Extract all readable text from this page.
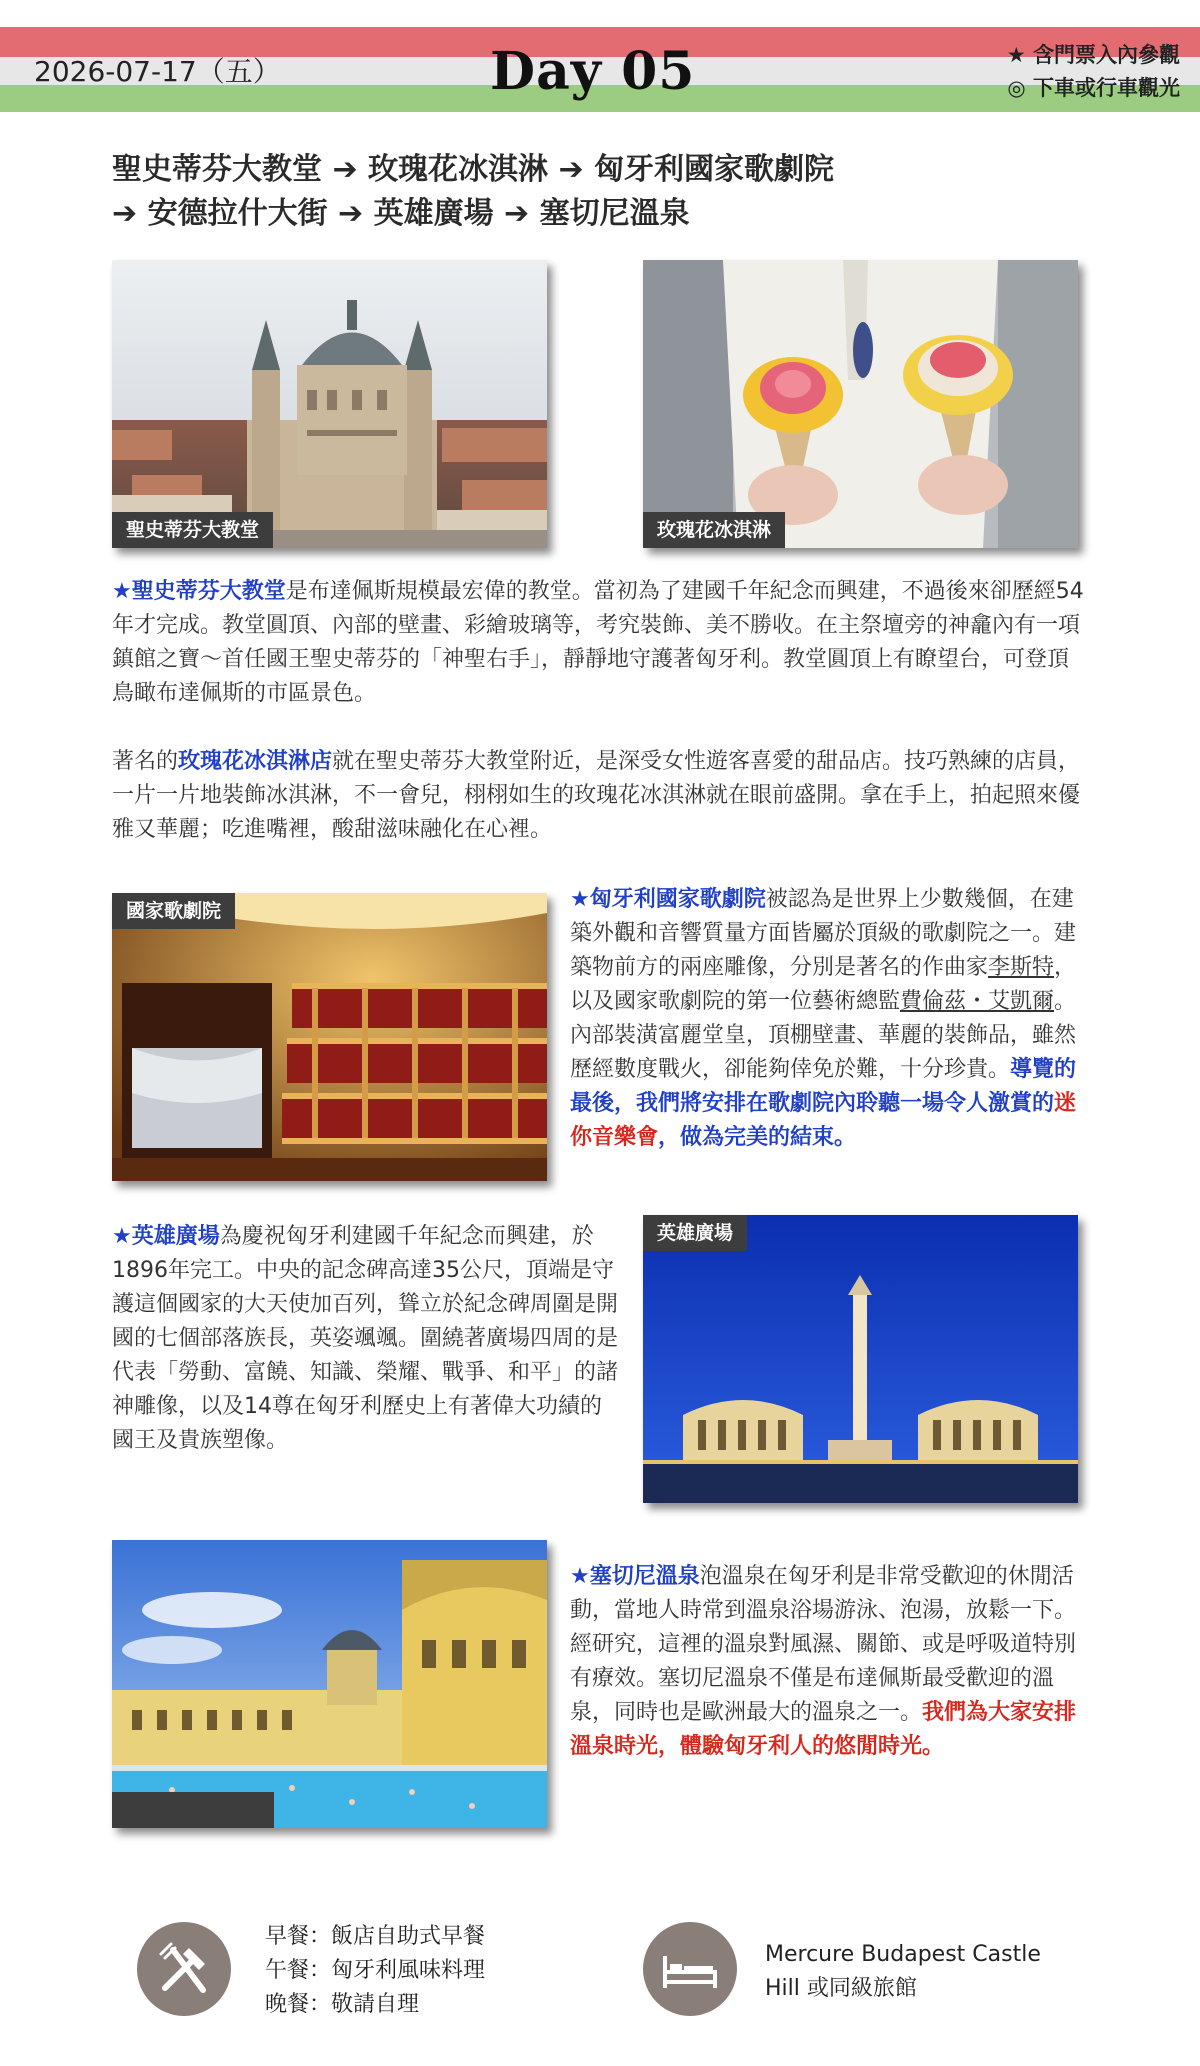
2026-07-17（五）	Day 05	★ 含門票入內參觀
◎ 下車或行車觀光
聖史蒂芬大教堂 ➔ 玫瑰花冰淇淋 ➔ 匈牙利國家歌劇院
➔ 安德拉什大街 ➔ 英雄廣場 ➔ 塞切尼溫泉
聖史蒂芬大教堂	玫瑰花冰淇淋
★聖史蒂芬大教堂是布達佩斯規模最宏偉的教堂。當初為了建國千年紀念而興建，不過後來卻歷經54年才完成。教堂圓頂、內部的壁畫、彩繪玻璃等，考究裝飾、美不勝收。在主祭壇旁的神龕內有一項鎮館之寶～首任國王聖史蒂芬的「神聖右手」，靜靜地守護著匈牙利。教堂圓頂上有瞭望台，可登頂鳥瞰布達佩斯的市區景色。
著名的玫瑰花冰淇淋店就在聖史蒂芬大教堂附近，是深受女性遊客喜愛的甜品店。技巧熟練的店員，一片一片地裝飾冰淇淋，不一會兒，栩栩如生的玫瑰花冰淇淋就在眼前盛開。拿在手上，拍起照來優雅又華麗；吃進嘴裡，酸甜滋味融化在心裡。
國家歌劇院	★匈牙利國家歌劇院被認為是世界上少數幾個，在建築外觀和音響質量方面皆屬於頂級的歌劇院之一。建築物前方的兩座雕像，分別是著名的作曲家李斯特，以及國家歌劇院的第一位藝術總監費倫茲・艾凱爾。內部裝潢富麗堂皇，頂棚壁畫、華麗的裝飾品，雖然歷經數度戰火，卻能夠倖免於難，十分珍貴。導覽的最後，我們將安排在歌劇院內聆聽一場令人激賞的迷你音樂會，做為完美的結束。
★英雄廣場為慶祝匈牙利建國千年紀念而興建，於1896年完工。中央的記念碑高達35公尺，頂端是守護這個國家的大天使加百列，聳立於紀念碑周圍是開國的七個部落族長，英姿颯颯。圍繞著廣場四周的是代表「勞動、富饒、知識、榮耀、戰爭、和平」的諸神雕像，以及14尊在匈牙利歷史上有著偉大功績的國王及貴族塑像。
英雄廣場
★塞切尼溫泉泡溫泉在匈牙利是非常受歡迎的休閒活動，當地人時常到溫泉浴場游泳、泡湯，放鬆一下。經研究，這裡的溫泉對風濕、關節、或是呼吸道特別有療效。塞切尼溫泉不僅是布達佩斯最受歡迎的溫泉，同時也是歐洲最大的溫泉之一。我們為大家安排溫泉時光，體驗匈牙利人的悠閒時光。
早餐：飯店自助式早餐
午餐：匈牙利風味料理
晚餐：敬請自理
Mercure Budapest Castle
Hill 或同級旅館
